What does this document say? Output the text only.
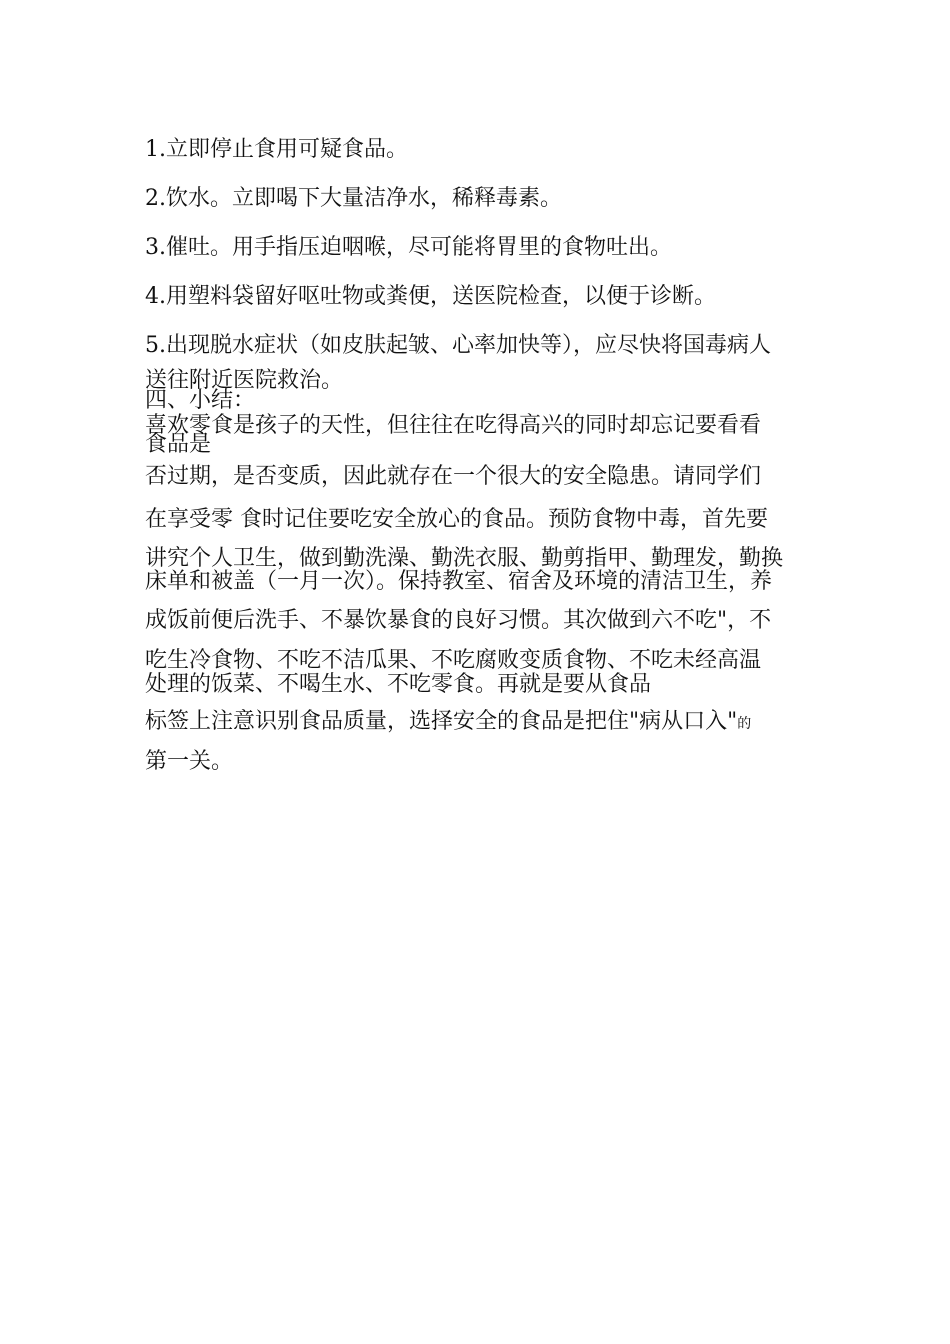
1.立即停止食用可疑食品。

2.饮水。立即喝下大量洁净水，稀释毒素。

3.催吐。用手指压迫咽喉，尽可能将胃里的食物吐出。

4.用塑料袋留好呕吐物或粪便，送医院检查，以便于诊断。

5.出现脱水症状（如皮肤起皱、心率加快等），应尽快将国毒病人

送往附近医院救治。

四、小结：

喜欢零食是孩子的天性，但往往在吃得高兴的同时却忘记要看看

食品是

否过期，是否变质，因此就存在一个很大的安全隐患。请同学们

在享受零 食时记住要吃安全放心的食品。预防食物中毒，首先要

讲究个人卫生，做到勤洗澡、勤洗衣服、勤剪指甲、勤理发，勤换

床单和被盖（一月一次）。保持教室、宿舍及环境的清洁卫生，养

成饭前便后洗手、不暴饮暴食的良好习惯。其次做到六不吃"，不

吃生冷食物、不吃不洁瓜果、不吃腐败变质食物、不吃未经高温

处理的饭菜、不喝生水、不吃零食。再就是要从食品

标签上注意识别食品质量，选择安全的食品是把住"病从口入"的

第一关。
